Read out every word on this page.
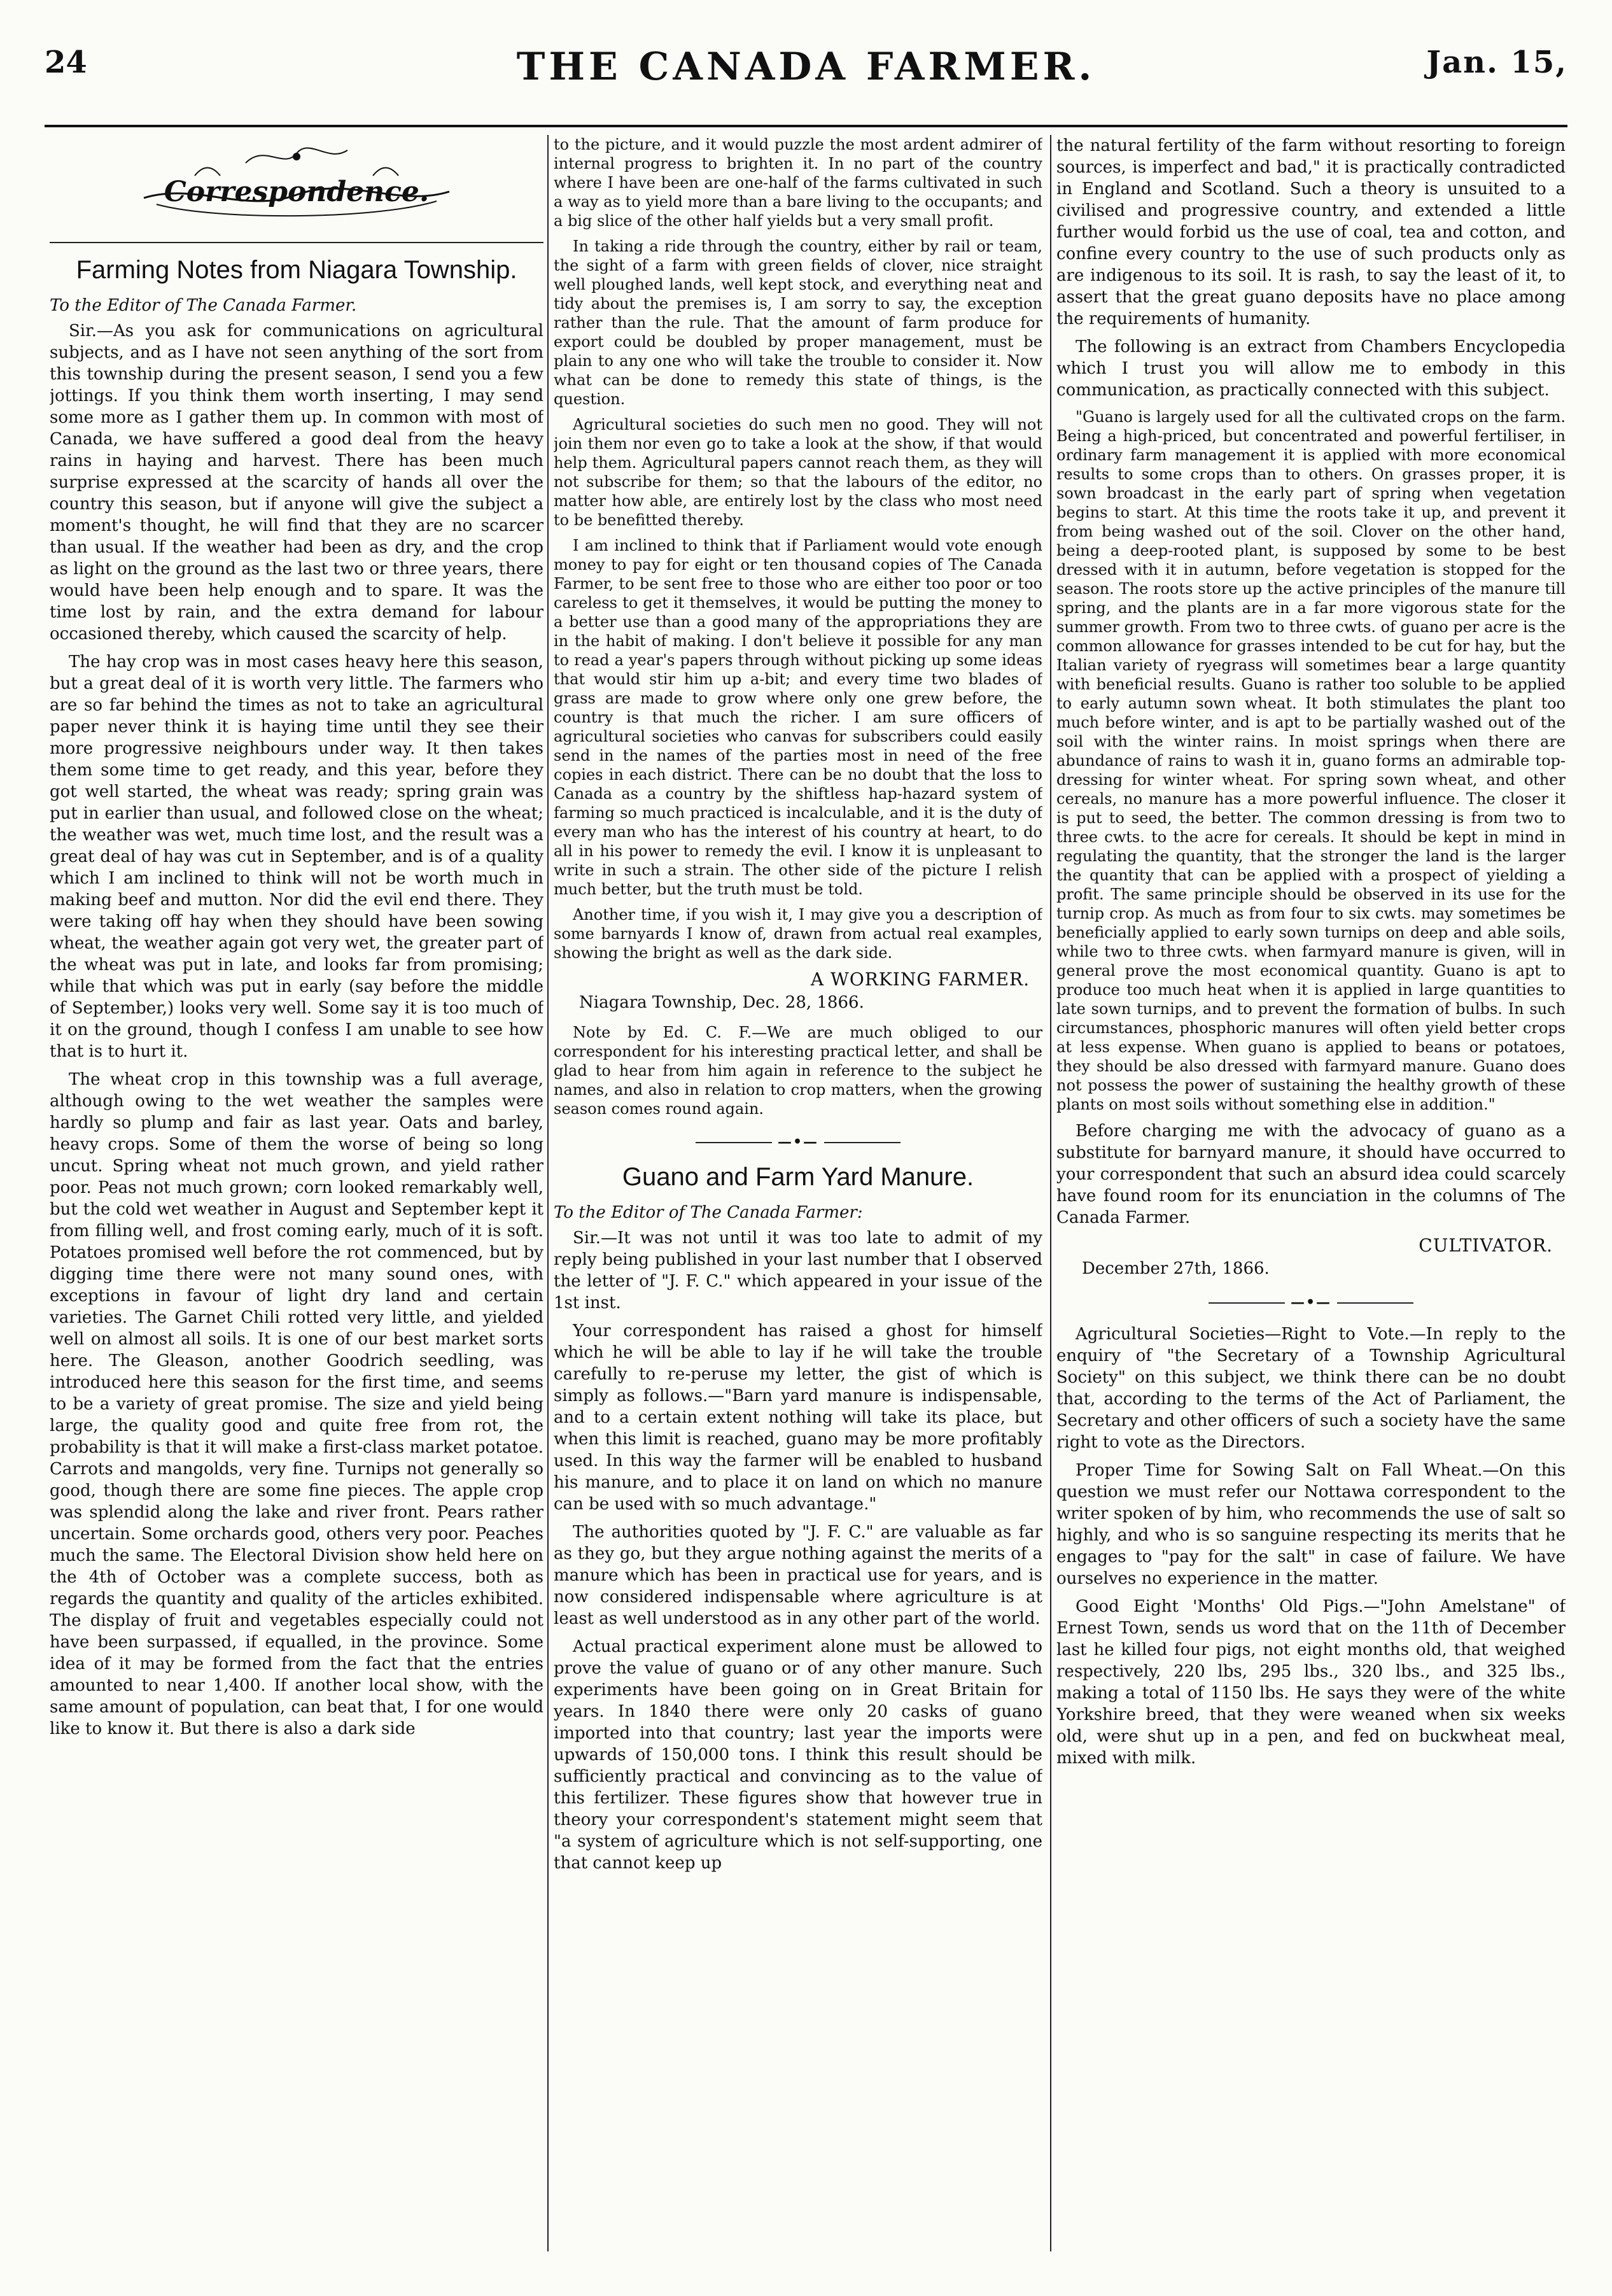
24	THE CANADA FARMER.	Jan. 15,
Correspondence.
Farming Notes from Niagara Township.
To the Editor of The Canada Farmer.

Sir.—As you ask for communications on agricultural subjects, and as I have not seen anything of the sort from this township during the present season, I send you a few jottings. If you think them worth inserting, I may send some more as I gather them up. In common with most of Canada, we have suffered a good deal from the heavy rains in haying and harvest. There has been much surprise expressed at the scarcity of hands all over the country this season, but if anyone will give the subject a moment's thought, he will find that they are no scarcer than usual. If the weather had been as dry, and the crop as light on the ground as the last two or three years, there would have been help enough and to spare. It was the time lost by rain, and the extra demand for labour occasioned thereby, which caused the scarcity of help.

The hay crop was in most cases heavy here this season, but a great deal of it is worth very little. The farmers who are so far behind the times as not to take an agricultural paper never think it is haying time until they see their more progressive neighbours under way. It then takes them some time to get ready, and this year, before they got well started, the wheat was ready; spring grain was put in earlier than usual, and followed close on the wheat; the weather was wet, much time lost, and the result was a great deal of hay was cut in September, and is of a quality which I am inclined to think will not be worth much in making beef and mutton. Nor did the evil end there. They were taking off hay when they should have been sowing wheat, the weather again got very wet, the greater part of the wheat was put in late, and looks far from promising; while that which was put in early (say before the middle of September,) looks very well. Some say it is too much of it on the ground, though I confess I am unable to see how that is to hurt it.

The wheat crop in this township was a full average, although owing to the wet weather the samples were hardly so plump and fair as last year. Oats and barley, heavy crops. Some of them the worse of being so long uncut. Spring wheat not much grown, and yield rather poor. Peas not much grown; corn looked remarkably well, but the cold wet weather in August and September kept it from filling well, and frost coming early, much of it is soft. Potatoes promised well before the rot commenced, but by digging time there were not many sound ones, with exceptions in favour of light dry land and certain varieties. The Garnet Chili rotted very little, and yielded well on almost all soils. It is one of our best market sorts here. The Gleason, another Goodrich seedling, was introduced here this season for the first time, and seems to be a variety of great promise. The size and yield being large, the quality good and quite free from rot, the probability is that it will make a first-class market potatoe. Carrots and mangolds, very fine. Turnips not generally so good, though there are some fine pieces. The apple crop was splendid along the lake and river front. Pears rather uncertain. Some orchards good, others very poor. Peaches much the same. The Electoral Division show held here on the 4th of October was a complete success, both as regards the quantity and quality of the articles exhibited. The display of fruit and vegetables especially could not have been surpassed, if equalled, in the province. Some idea of it may be formed from the fact that the entries amounted to near 1,400. If another local show, with the same amount of population, can beat that, I for one would like to know it. But there is also a dark side

to the picture, and it would puzzle the most ardent admirer of internal progress to brighten it. In no part of the country where I have been are one-half of the farms cultivated in such a way as to yield more than a bare living to the occupants; and a big slice of the other half yields but a very small profit.

In taking a ride through the country, either by rail or team, the sight of a farm with green fields of clover, nice straight well ploughed lands, well kept stock, and everything neat and tidy about the premises is, I am sorry to say, the exception rather than the rule. That the amount of farm produce for export could be doubled by proper management, must be plain to any one who will take the trouble to consider it. Now what can be done to remedy this state of things, is the question.

Agricultural societies do such men no good. They will not join them nor even go to take a look at the show, if that would help them. Agricultural papers cannot reach them, as they will not subscribe for them; so that the labours of the editor, no matter how able, are entirely lost by the class who most need to be benefitted thereby.

I am inclined to think that if Parliament would vote enough money to pay for eight or ten thousand copies of The Canada Farmer, to be sent free to those who are either too poor or too careless to get it themselves, it would be putting the money to a better use than a good many of the appropriations they are in the habit of making. I don't believe it possible for any man to read a year's papers through without picking up some ideas that would stir him up a-bit; and every time two blades of grass are made to grow where only one grew before, the country is that much the richer. I am sure officers of agricultural societies who canvas for subscribers could easily send in the names of the parties most in need of the free copies in each district. There can be no doubt that the loss to Canada as a country by the shiftless hap-hazard system of farming so much practiced is incalculable, and it is the duty of every man who has the interest of his country at heart, to do all in his power to remedy the evil. I know it is unpleasant to write in such a strain. The other side of the picture I relish much better, but the truth must be told.

Another time, if you wish it, I may give you a description of some barnyards I know of, drawn from actual real examples, showing the bright as well as the dark side.

A WORKING FARMER.
Niagara Township, Dec. 28, 1866.

Note by Ed. C. F.—We are much obliged to our correspondent for his interesting practical letter, and shall be glad to hear from him again in reference to the subject he names, and also in relation to crop matters, when the growing season comes round again.

—•—
Guano and Farm Yard Manure.
To the Editor of The Canada Farmer:

Sir.—It was not until it was too late to admit of my reply being published in your last number that I observed the letter of "J. F. C." which appeared in your issue of the 1st inst.

Your correspondent has raised a ghost for himself which he will be able to lay if he will take the trouble carefully to re-peruse my letter, the gist of which is simply as follows.—"Barn yard manure is indispensable, and to a certain extent nothing will take its place, but when this limit is reached, guano may be more profitably used. In this way the farmer will be enabled to husband his manure, and to place it on land on which no manure can be used with so much advantage."

The authorities quoted by "J. F. C." are valuable as far as they go, but they argue nothing against the merits of a manure which has been in practical use for years, and is now considered indispensable where agriculture is at least as well understood as in any other part of the world.

Actual practical experiment alone must be allowed to prove the value of guano or of any other manure. Such experiments have been going on in Great Britain for years. In 1840 there were only 20 casks of guano imported into that country; last year the imports were upwards of 150,000 tons. I think this result should be sufficiently practical and convincing as to the value of this fertilizer. These figures show that however true in theory your correspondent's statement might seem that "a system of agriculture which is not self-supporting, one that cannot keep up

the natural fertility of the farm without resorting to foreign sources, is imperfect and bad," it is practically contradicted in England and Scotland. Such a theory is unsuited to a civilised and progressive country, and extended a little further would forbid us the use of coal, tea and cotton, and confine every country to the use of such products only as are indigenous to its soil. It is rash, to say the least of it, to assert that the great guano deposits have no place among the requirements of humanity.

The following is an extract from Chambers Encyclopedia which I trust you will allow me to embody in this communication, as practically connected with this subject.

"Guano is largely used for all the cultivated crops on the farm. Being a high-priced, but concentrated and powerful fertiliser, in ordinary farm management it is applied with more economical results to some crops than to others. On grasses proper, it is sown broadcast in the early part of spring when vegetation begins to start. At this time the roots take it up, and prevent it from being washed out of the soil. Clover on the other hand, being a deep-rooted plant, is supposed by some to be best dressed with it in autumn, before vegetation is stopped for the season. The roots store up the active principles of the manure till spring, and the plants are in a far more vigorous state for the summer growth. From two to three cwts. of guano per acre is the common allowance for grasses intended to be cut for hay, but the Italian variety of ryegrass will sometimes bear a large quantity with beneficial results. Guano is rather too soluble to be applied to early autumn sown wheat. It both stimulates the plant too much before winter, and is apt to be partially washed out of the soil with the winter rains. In moist springs when there are abundance of rains to wash it in, guano forms an admirable top-dressing for winter wheat. For spring sown wheat, and other cereals, no manure has a more powerful influence. The closer it is put to seed, the better. The common dressing is from two to three cwts. to the acre for cereals. It should be kept in mind in regulating the quantity, that the stronger the land is the larger the quantity that can be applied with a prospect of yielding a profit. The same principle should be observed in its use for the turnip crop. As much as from four to six cwts. may sometimes be beneficially applied to early sown turnips on deep and able soils, while two to three cwts. when farmyard manure is given, will in general prove the most economical quantity. Guano is apt to produce too much heat when it is applied in large quantities to late sown turnips, and to prevent the formation of bulbs. In such circumstances, phosphoric manures will often yield better crops at less expense. When guano is applied to beans or potatoes, they should be also dressed with farmyard manure. Guano does not possess the power of sustaining the healthy growth of these plants on most soils without something else in addition."

Before charging me with the advocacy of guano as a substitute for barnyard manure, it should have occurred to your correspondent that such an absurd idea could scarcely have found room for its enunciation in the columns of The Canada Farmer.

CULTIVATOR.
December 27th, 1866.
—•—

Agricultural Societies—Right to Vote.—In reply to the enquiry of "the Secretary of a Township Agricultural Society" on this subject, we think there can be no doubt that, according to the terms of the Act of Parliament, the Secretary and other officers of such a society have the same right to vote as the Directors.

Proper Time for Sowing Salt on Fall Wheat.—On this question we must refer our Nottawa correspondent to the writer spoken of by him, who recommends the use of salt so highly, and who is so sanguine respecting its merits that he engages to "pay for the salt" in case of failure. We have ourselves no experience in the matter.

Good Eight 'Months' Old Pigs.—"John Amelstane" of Ernest Town, sends us word that on the 11th of December last he killed four pigs, not eight months old, that weighed respectively, 220 lbs, 295 lbs., 320 lbs., and 325 lbs., making a total of 1150 lbs. He says they were of the white Yorkshire breed, that they were weaned when six weeks old, were shut up in a pen, and fed on buckwheat meal, mixed with milk.
